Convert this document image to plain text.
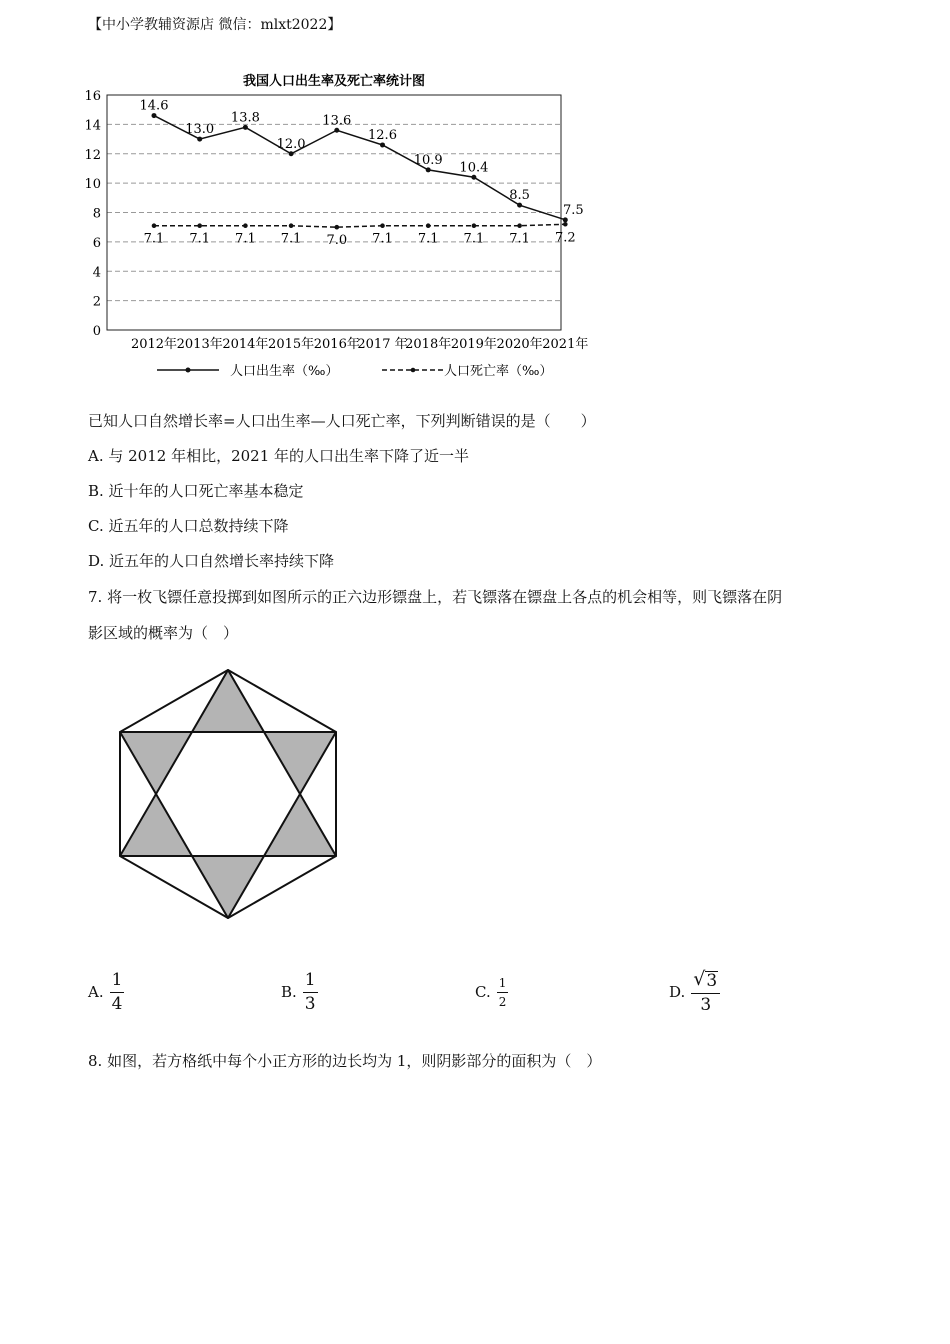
【中小学教辅资源店 微信：mlxt2022】
我国人口出生率及死亡率统计图
0
2
4
6
8
10
12
14
16
2012年 2013年 2014年 2015年 2016年
2017 年
2018年 2019年 2020年 2021年
14.6
13.0
13.8
12.0
13.6
12.6
10.9 10.4
8.5
7.5
7.1 7.1 7.1 7.1 7.0 7.1 7.1 7.1 7.1 7.2
人口出生率（‰）	人口死亡率（‰）
已知人口自然增长率=人口出生率—人口死亡率，下列判断错误的是（　　）
A. 与 2012 年相比，2021 年的人口出生率下降了近一半
B. 近十年的人口死亡率基本稳定
C. 近五年的人口总数持续下降
D. 近五年的人口自然增长率持续下降
7. 将一枚飞镖任意投掷到如图所示的正六边形镖盘上，若飞镖落在镖盘上各点的机会相等，则飞镖落在阴
影区域的概率为（　）
A. $\frac{1}{4}$	B. $\frac{1}{3}$	C. $\frac{1}{2}$	D. $\frac{√ 3}{3}$
8. 如图，若方格纸中每个小正方形的边长均为 1，则阴影部分的面积为（　）
